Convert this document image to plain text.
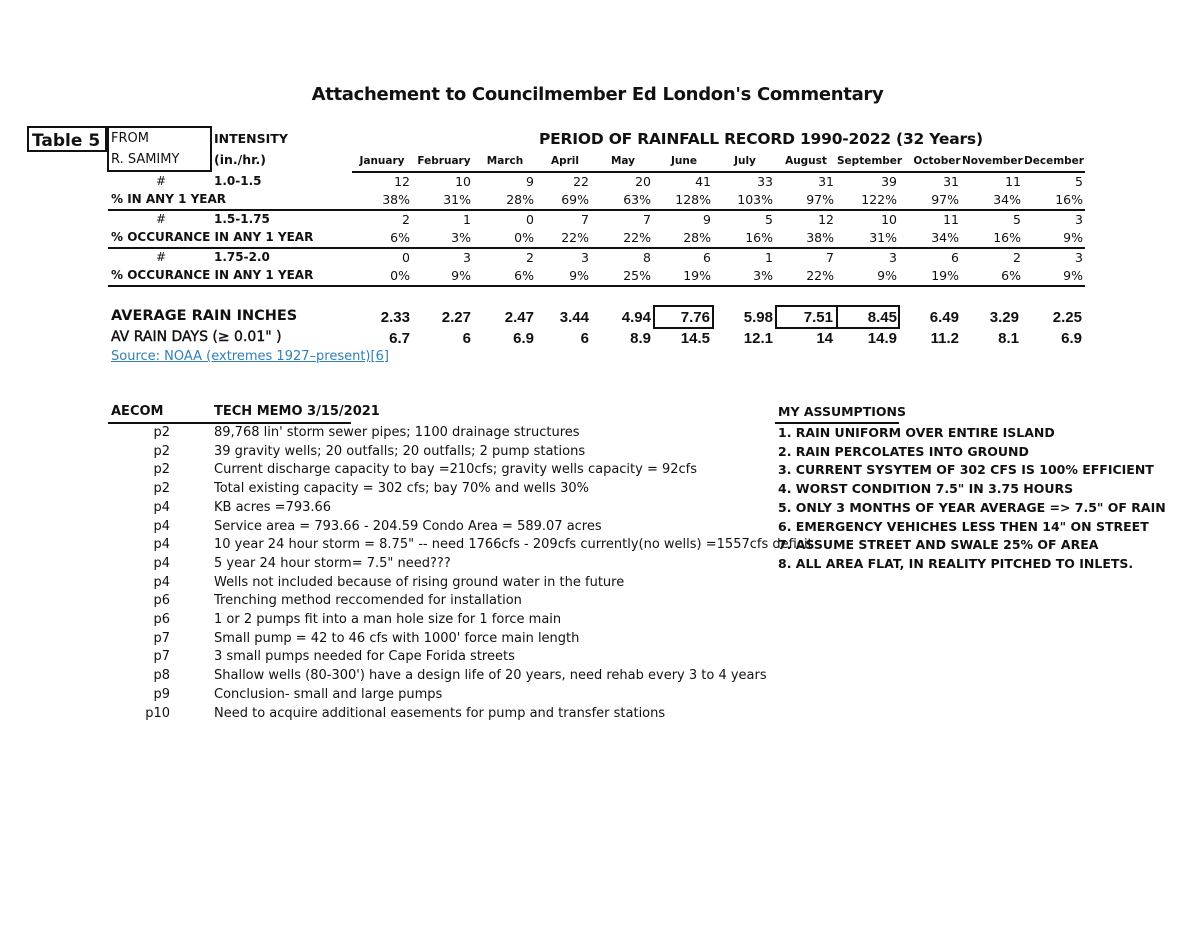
Attachement to Councilmember Ed London's Commentary
Table 5 FROM
R. SAMIMY
INTENSITY
(in./hr.)
PERIOD OF RAINFALL RECORD 1990-2022 (32 Years)
January	February	March	April	May	June	July	August September	October November December
#	1.0-1.5
% IN ANY 1 YEAR
12	10	9	22	20	41	33	31	39	31	11	5
38%	31%	28%	69%	63%	128%	103%	97%	122%	97%	34%	16%
#	1.5-1.75
% OCCURANCE IN ANY 1 YEAR
2	1	0	7	7	9	5	12	10	11	5	3
6%	3%	0%	22%	22%	28%	16%	38%	31%	34%	16%	9%
#	1.75-2.0
% OCCURANCE IN ANY 1 YEAR
0	3	2	3	8	6	1	7	3	6	2	3
0%	9%	6%	9%	25%	19%	3%	22%	9%	19%	6%	9%
AVERAGE RAIN INCHES
AV RAIN DAYS (≥ 0.01" )
2.33	2.27	2.47	3.44	4.94	7.76	5.98	7.51	8.45	6.49	3.29	2.25
6.7	6	6.9	6	8.9	14.5	12.1	14	14.9	11.2	8.1	6.9
Source: NOAA (extremes 1927–present)[6]
AECOM	TECH MEMO 3/15/2021
p2	89,768 lin' storm sewer pipes; 1100 drainage structures
p2	39 gravity wells; 20 outfalls; 20 outfalls; 2 pump stations
p2	Current discharge capacity to bay =210cfs; gravity wells capacity = 92cfs
p2	Total existing capacity = 302 cfs; bay 70% and wells 30%
p4	KB acres =793.66
p4	Service area = 793.66 - 204.59 Condo Area = 589.07 acres
p4	10 year 24 hour storm = 8.75" -- need 1766cfs - 209cfs currently(no wells) =1557cfs deficit
p4	5 year 24 hour storm= 7.5" need???
p4	Wells not included because of rising ground water in the future
p6	Trenching method reccomended for installation
p6	1 or 2 pumps fit into a man hole size for 1 force main
p7	Small pump = 42 to 46 cfs with 1000' force main length
p7	3 small pumps needed for Cape Forida streets
p8	Shallow wells (80-300') have a design life of 20 years, need rehab every 3 to 4 years
p9	Conclusion- small and large pumps
p10	Need to acquire additional easements for pump and transfer stations
MY ASSUMPTIONS
1. RAIN UNIFORM OVER ENTIRE ISLAND
2. RAIN PERCOLATES INTO GROUND
3. CURRENT SYSYTEM OF 302 CFS IS 100% EFFICIENT
4. WORST CONDITION 7.5" IN 3.75 HOURS
5. ONLY 3 MONTHS OF YEAR AVERAGE => 7.5" OF RAIN
6. EMERGENCY VEHICHES LESS THEN 14" ON STREET
7. ASSUME STREET AND SWALE 25% OF AREA
8. ALL AREA FLAT, IN REALITY PITCHED TO INLETS.
